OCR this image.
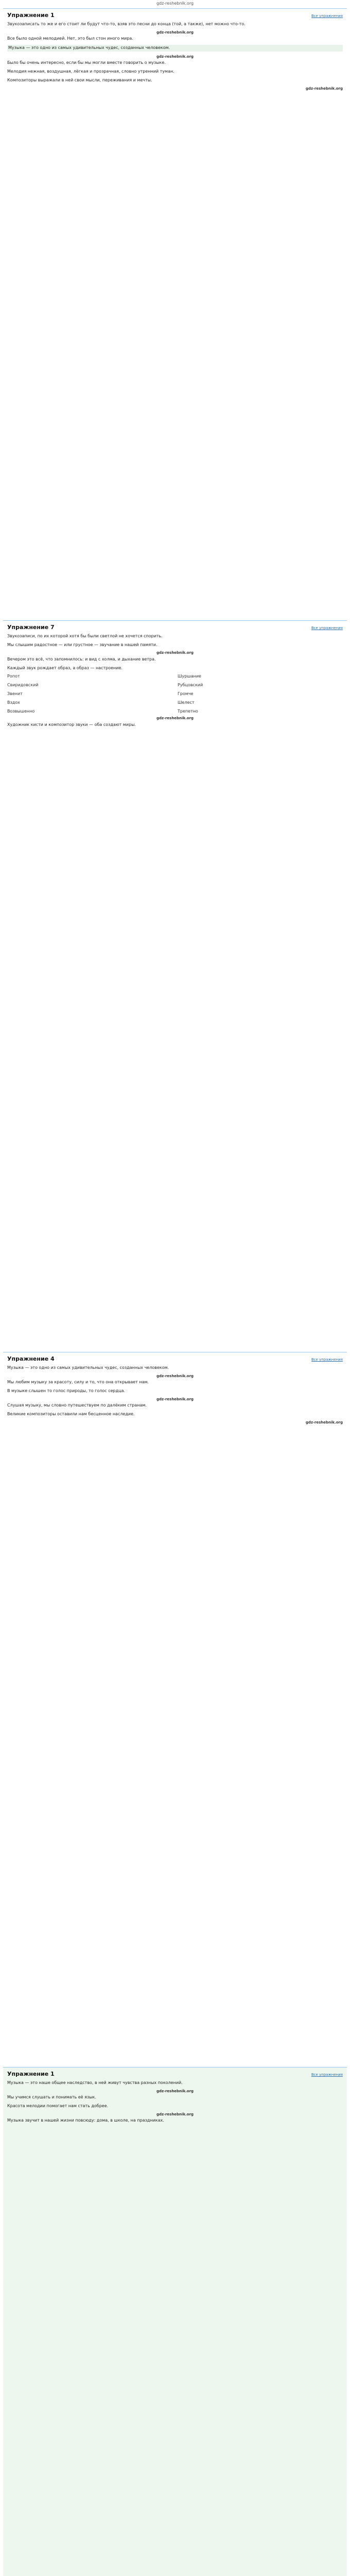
gdz-reshebnik.org
Упражнение 1	Все упражнения

Звукозаписать то же и его стоит ли будут что-то, взяв это песни до конца (той, а также), нет можно что-то.

gdz-reshebnik.org

Все было одной мелодией. Нет, это был стон иного мира.

Музыка — это одно из самых удивительных чудес, созданных человеком.

gdz-reshebnik.org

Было бы очень интересно, если бы мы могли вместе говорить о музыке.

Мелодия нежная, воздушная, лёгкая и прозрачная, словно утренний туман.

Композиторы выражали в ней свои мысли, переживания и мечты.

gdz-reshebnik.org
Упражнение 7	Все упражнения

Звукозаписи, по их которой хотя бы были светлой не хочется спорить.

Мы слышим радостное — или грустное — звучание в нашей памяти.

gdz-reshebnik.org

Вечером это всё, что запомнилось: и вид с холма, и дыхание ветра.

Каждый звук рождает образ, а образ — настроение.

Ропот	Шуршание
Свиридовский	Рубцовский
Звенит	Громче
Вздох	Шелест
Возвышенно	Трепетно
gdz-reshebnik.org

Художник кисти и композитор звуки — оба создают миры.

Упражнение 4	Все упражнения

Музыка — это одно из самых удивительных чудес, созданных человеком.

gdz-reshebnik.org

Мы любим музыку за красоту, силу и то, что она открывает нам.

В музыке слышен то голос природы, то голос сердца.

gdz-reshebnik.org

Слушая музыку, мы словно путешествуем по далёким странам.

Великие композиторы оставили нам бесценное наследие.

gdz-reshebnik.org
Упражнение 1	Все упражнения

Музыка — это наше общее наследство, в ней живут чувства разных поколений.

gdz-reshebnik.org

Мы учимся слушать и понимать её язык.

Красота мелодии помогает нам стать добрее.

gdz-reshebnik.org

Музыка звучит в нашей жизни повсюду: дома, в школе, на праздниках.
